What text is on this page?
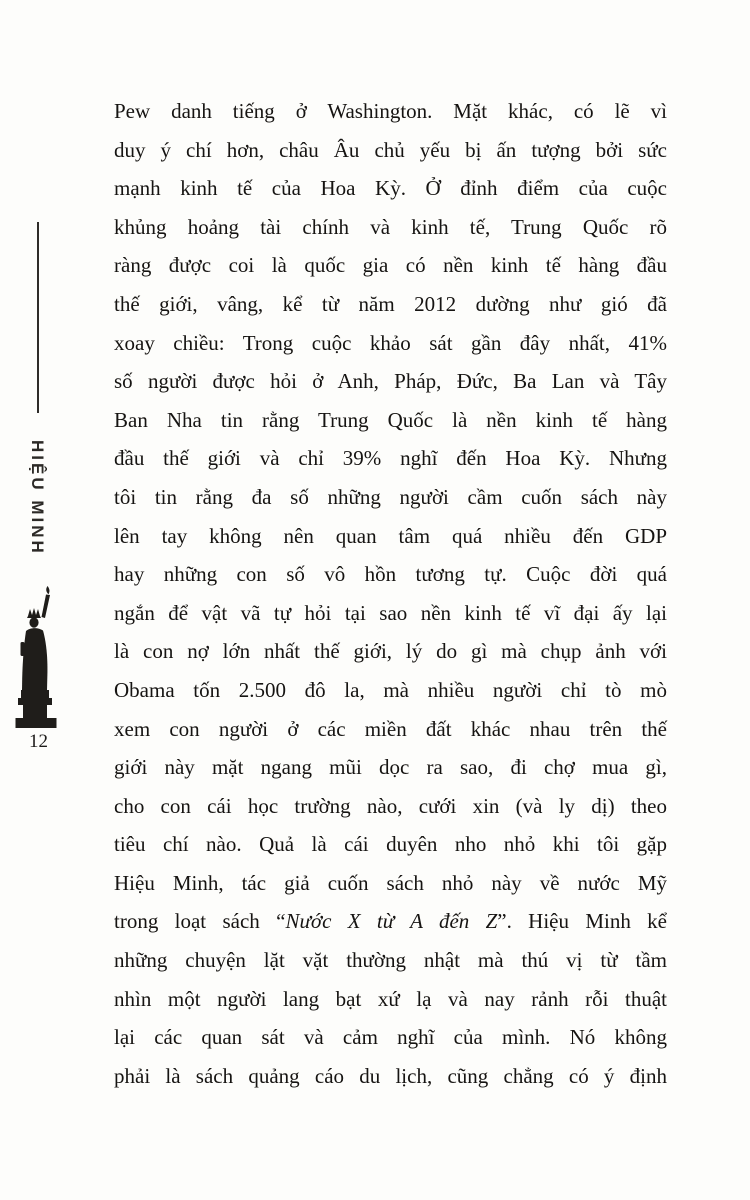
HIỆU MINH
12
Pew danh tiếng ở Washington. Mặt khác, có lẽ vì
duy ý chí hơn, châu Âu chủ yếu bị ấn tượng bởi sức
mạnh kinh tế của Hoa Kỳ. Ở đỉnh điểm của cuộc
khủng hoảng tài chính và kinh tế, Trung Quốc rõ
ràng được coi là quốc gia có nền kinh tế hàng đầu
thế giới, vâng, kể từ năm 2012 dường như gió đã
xoay chiều: Trong cuộc khảo sát gần đây nhất, 41%
số người được hỏi ở Anh, Pháp, Đức, Ba Lan và Tây
Ban Nha tin rằng Trung Quốc là nền kinh tế hàng
đầu thế giới và chỉ 39% nghĩ đến Hoa Kỳ. Nhưng
tôi tin rằng đa số những người cầm cuốn sách này
lên tay không nên quan tâm quá nhiều đến GDP
hay những con số vô hồn tương tự. Cuộc đời quá
ngắn để vật vã tự hỏi tại sao nền kinh tế vĩ đại ấy lại
là con nợ lớn nhất thế giới, lý do gì mà chụp ảnh với
Obama tốn 2.500 đô la, mà nhiều người chỉ tò mò
xem con người ở các miền đất khác nhau trên thế
giới này mặt ngang mũi dọc ra sao, đi chợ mua gì,
cho con cái học trường nào, cưới xin (và ly dị) theo
tiêu chí nào. Quả là cái duyên nho nhỏ khi tôi gặp
Hiệu Minh, tác giả cuốn sách nhỏ này về nước Mỹ
trong loạt sách “Nước X từ A đến Z”. Hiệu Minh kể
những chuyện lặt vặt thường nhật mà thú vị từ tầm
nhìn một người lang bạt xứ lạ và nay rảnh rỗi thuật
lại các quan sát và cảm nghĩ của mình. Nó không
phải là sách quảng cáo du lịch, cũng chẳng có ý định
